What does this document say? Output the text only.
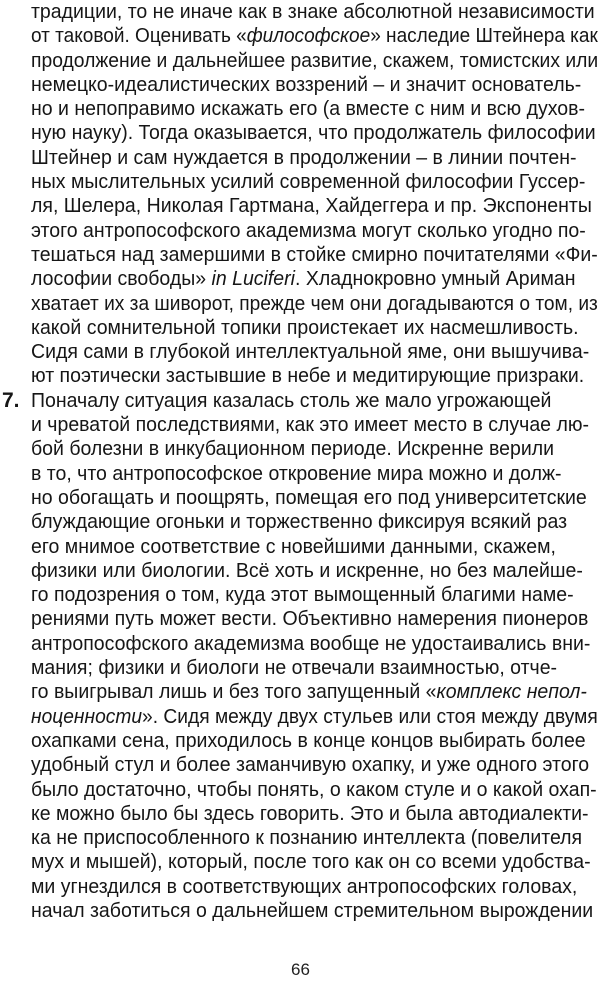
традиции, то не иначе как в знаке абсолютной независимости
от таковой. Оценивать «философское» наследие Штейнера как
продолжение и дальнейшее развитие, скажем, томистских или
немецко-идеалистических воззрений – и значит основатель-
но и непоправимо искажать его (а вместе с ним и всю духов-
ную науку). Тогда оказывается, что продолжатель философии
Штейнер и сам нуждается в продолжении – в линии почтен-
ных мыслительных усилий современной философии Гуссер-
ля, Шелера, Николая Гартмана, Хайдеггера и пр. Экспоненты
этого антропософского академизма могут сколько угодно по-
тешаться над замершими в стойке смирно почитателями «Фи-
лософии свободы» in Luciferi. Хладнокровно умный Ариман
хватает их за шиворот, прежде чем они догадываются о том, из
какой сомнительной топики проистекает их насмешливость.
Сидя сами в глубокой интеллектуальной яме, они вышучива-
ют поэтически застывшие в небе и медитирующие призраки.
7. Поначалу ситуация казалась столь же мало угрожающей
и чреватой последствиями, как это имеет место в случае лю-
бой болезни в инкубационном периоде. Искренне верили
в то, что антропософское откровение мира можно и долж-
но обогащать и поощрять, помещая его под университетские
блуждающие огоньки и торжественно фиксируя всякий раз
его мнимое соответствие с новейшими данными, скажем,
физики или биологии. Всё хоть и искренне, но без малейше-
го подозрения о том, куда этот вымощенный благими наме-
рениями путь может вести. Объективно намерения пионеров
антропософского академизма вообще не удостаивались вни-
мания; физики и биологи не отвечали взаимностью, отче-
го выигрывал лишь и без того запущенный «комплекс непол-
ноценности». Сидя между двух стульев или стоя между двумя
охапками сена, приходилось в конце концов выбирать более
удобный стул и более заманчивую охапку, и уже одного этого
было достаточно, чтобы понять, о каком стуле и о какой охап-
ке можно было бы здесь говорить. Это и была автодиалекти-
ка не приспособленного к познанию интеллекта (повелителя
мух и мышей), который, после того как он со всеми удобства-
ми угнездился в соответствующих антропософских головах,
начал заботиться о дальнейшем стремительном вырождении
66
